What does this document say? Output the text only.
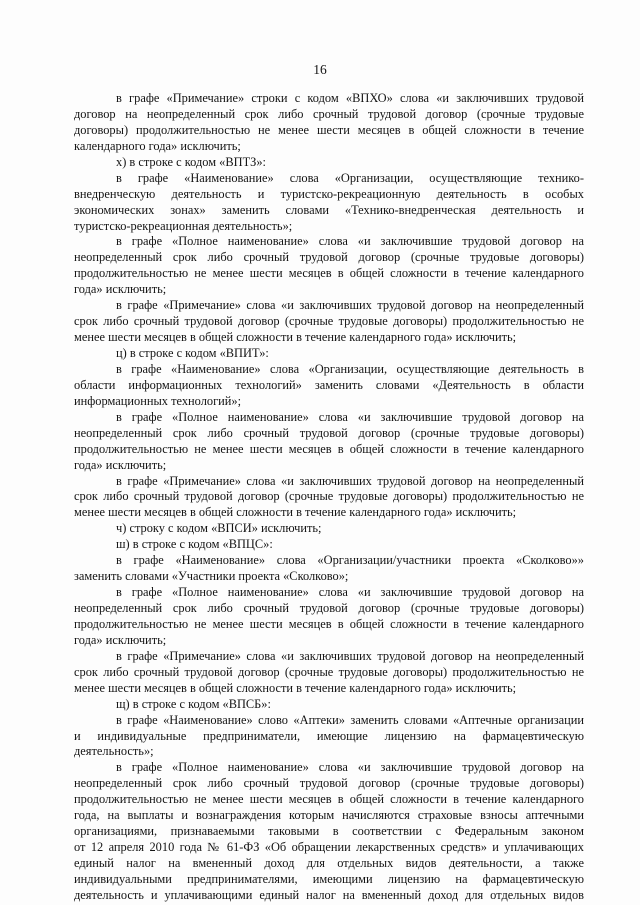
16
в графе «Примечание» строки с кодом «ВПХО» слова «и заключивших трудовой
договор на неопределенный срок либо срочный трудовой договор (срочные трудовые
договоры) продолжительностью не менее шести месяцев в общей сложности в течение
календарного года» исключить;
х) в строке с кодом «ВПТЗ»:
в графе «Наименование» слова «Организации, осуществляющие технико-
внедренческую деятельность и туристско-рекреационную деятельность в особых
экономических зонах» заменить словами «Технико-внедренческая деятельность и
туристско-рекреационная деятельность»;
в графе «Полное наименование» слова «и заключившие трудовой договор на
неопределенный срок либо срочный трудовой договор (срочные трудовые договоры)
продолжительностью не менее шести месяцев в общей сложности в течение календарного
года» исключить;
в графе «Примечание» слова «и заключивших трудовой договор на неопределенный
срок либо срочный трудовой договор (срочные трудовые договоры) продолжительностью не
менее шести месяцев в общей сложности в течение календарного года» исключить;
ц) в строке с кодом «ВПИТ»:
в графе «Наименование» слова «Организации, осуществляющие деятельность в
области информационных технологий» заменить словами «Деятельность в области
информационных технологий»;
в графе «Полное наименование» слова «и заключившие трудовой договор на
неопределенный срок либо срочный трудовой договор (срочные трудовые договоры)
продолжительностью не менее шести месяцев в общей сложности в течение календарного
года» исключить;
в графе «Примечание» слова «и заключивших трудовой договор на неопределенный
срок либо срочный трудовой договор (срочные трудовые договоры) продолжительностью не
менее шести месяцев в общей сложности в течение календарного года» исключить;
ч) строку с кодом «ВПСИ» исключить;
ш) в строке с кодом «ВПЦС»:
в графе «Наименование» слова «Организации/участники проекта «Сколково»»
заменить словами «Участники проекта «Сколково»;
в графе «Полное наименование» слова «и заключившие трудовой договор на
неопределенный срок либо срочный трудовой договор (срочные трудовые договоры)
продолжительностью не менее шести месяцев в общей сложности в течение календарного
года» исключить;
в графе «Примечание» слова «и заключивших трудовой договор на неопределенный
срок либо срочный трудовой договор (срочные трудовые договоры) продолжительностью не
менее шести месяцев в общей сложности в течение календарного года» исключить;
щ) в строке с кодом «ВПСБ»:
в графе «Наименование» слово «Аптеки» заменить словами «Аптечные организации
и индивидуальные предприниматели, имеющие лицензию на фармацевтическую
деятельность»;
в графе «Полное наименование» слова «и заключившие трудовой договор на
неопределенный срок либо срочный трудовой договор (срочные трудовые договоры)
продолжительностью не менее шести месяцев в общей сложности в течение календарного
года, на выплаты и вознаграждения которым начисляются страховые взносы аптечными
организациями, признаваемыми таковыми в соответствии с Федеральным законом
от 12 апреля 2010 года № 61-ФЗ «Об обращении лекарственных средств» и уплачивающих
единый налог на вмененный доход для отдельных видов деятельности, а также
индивидуальными предпринимателями, имеющими лицензию на фармацевтическую
деятельность и уплачивающими единый налог на вмененный доход для отдельных видов
